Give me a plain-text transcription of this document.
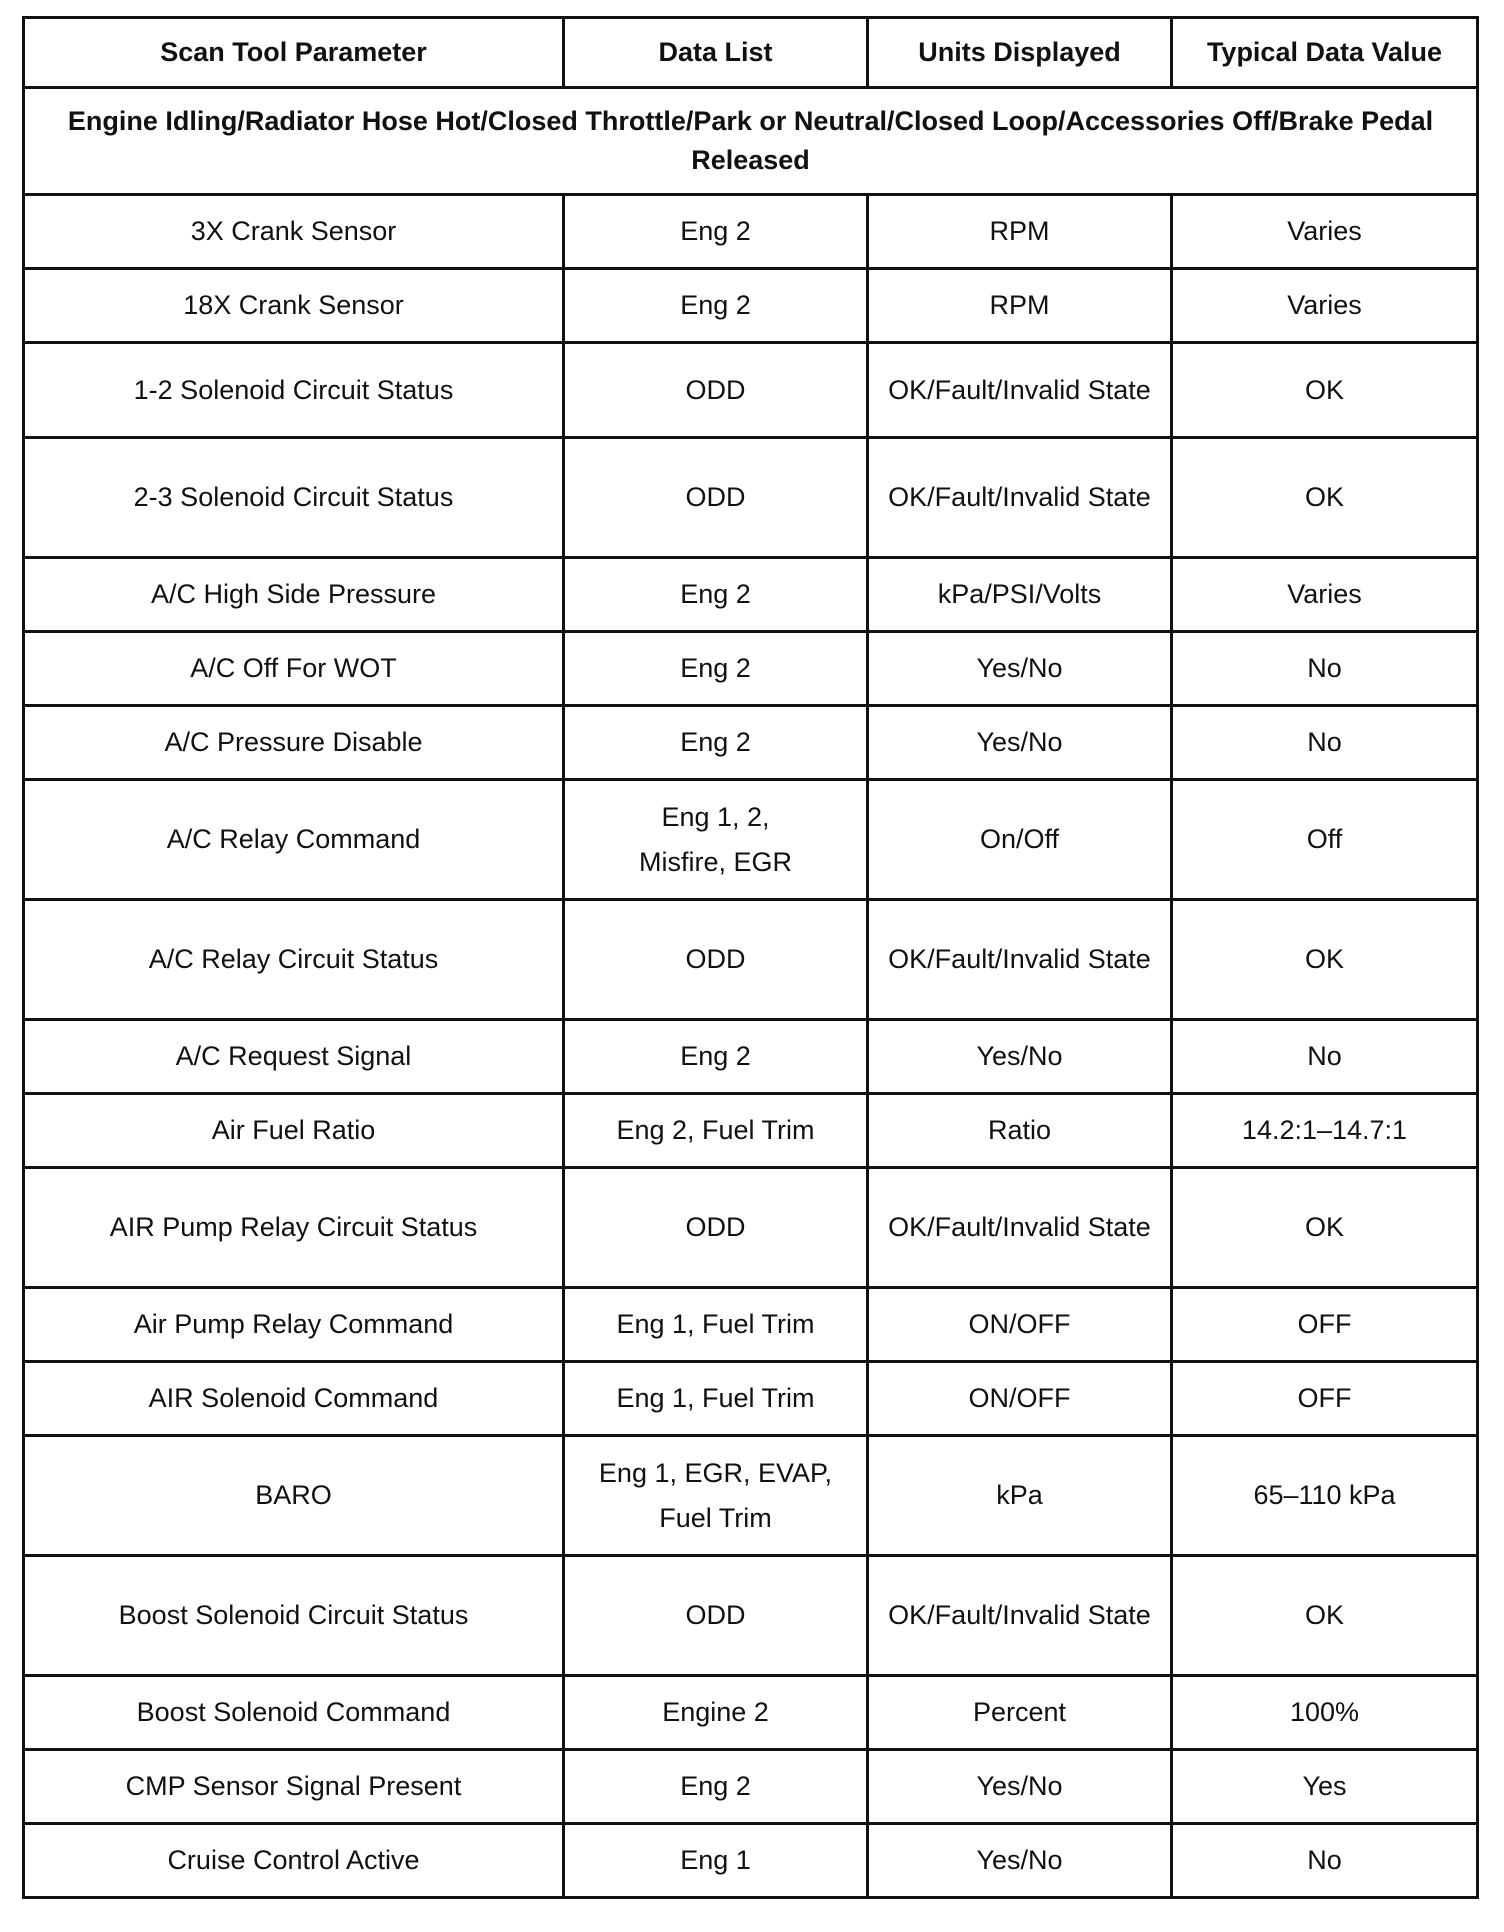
Scan Tool Parameter	Data List	Units Displayed	Typical Data Value
Engine Idling/Radiator Hose Hot/Closed Throttle/Park or Neutral/Closed Loop/Accessories Off/Brake Pedal Released			
3X Crank Sensor	Eng 2	RPM	Varies
18X Crank Sensor	Eng 2	RPM	Varies
1-2 Solenoid Circuit Status	ODD	OK/Fault/Invalid State	OK
2-3 Solenoid Circuit Status	ODD	OK/Fault/Invalid State	OK
A/C High Side Pressure	Eng 2	kPa/PSI/Volts	Varies
A/C Off For WOT	Eng 2	Yes/No	No
A/C Pressure Disable	Eng 2	Yes/No	No
A/C Relay Command	Eng 1, 2, Misfire, EGR	On/Off	Off
A/C Relay Circuit Status	ODD	OK/Fault/Invalid State	OK
A/C Request Signal	Eng 2	Yes/No	No
Air Fuel Ratio	Eng 2, Fuel Trim	Ratio	14.2:1–14.7:1
AIR Pump Relay Circuit Status	ODD	OK/Fault/Invalid State	OK
Air Pump Relay Command	Eng 1, Fuel Trim	ON/OFF	OFF
AIR Solenoid Command	Eng 1, Fuel Trim	ON/OFF	OFF
BARO	Eng 1, EGR, EVAP, Fuel Trim	kPa	65–110 kPa
Boost Solenoid Circuit Status	ODD	OK/Fault/Invalid State	OK
Boost Solenoid Command	Engine 2	Percent	100%
CMP Sensor Signal Present	Eng 2	Yes/No	Yes
Cruise Control Active	Eng 1	Yes/No	No
